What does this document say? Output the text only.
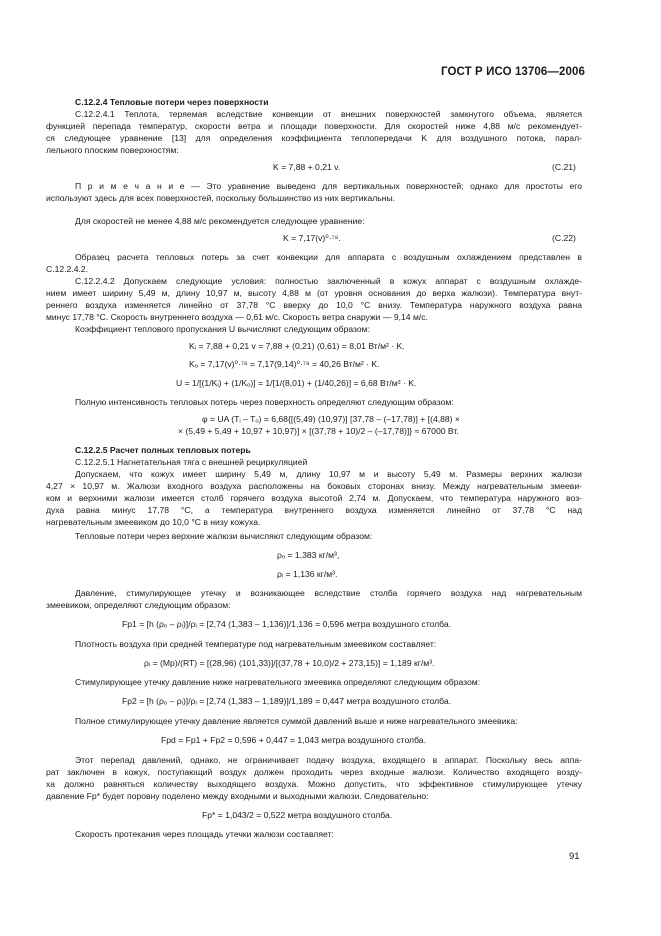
ГОСТ Р ИСО 13706—2006

C.12.2.4 Тепловые потери через поверхности

C.12.2.4.1 Теплота, теряемая вследствие конвекции от внешних поверхностей замкнутого объема, является

функцией перепада температур, скорости ветра и площади поверхности. Для скоростей ниже 4,88 м/с рекомендует-

ся следующее уравнение [13] для определения коэффициента теплопередачи K для воздушного потока, парал-

лельного плоским поверхностям:

K = 7,88 + 0,21 v.	(C.21)

П р и м е ч а н и е — Это уравнение выведено для вертикальных поверхностей; однако для простоты его

используют здесь для всех поверхностей, поскольку большинство из них вертикальны.

Для скоростей не менее 4,88 м/с рекомендуется следующее уравнение:

K = 7,17(v)⁰·⁷⁸.	(C.22)

Образец расчета тепловых потерь за счет конвекции для аппарата с воздушным охлаждением представлен в

C.12.2.4.2.

C.12.2.4.2 Допускаем следующие условия: полностью заключенный в кожух аппарат с воздушным охлажде-

нием имеет ширину 5,49 м, длину 10,97 м, высоту 4,88 м (от уровня основания до верха жалюзи). Температура внут-

реннего воздуха изменяется линейно от 37,78 °C вверху до 10,0 °C внизу. Температура наружного воздуха равна

минус 17,78 °C. Скорость внутреннего воздуха — 0,61 м/с. Скорость ветра снаружи — 9,14 м/с.

Коэффициент теплового пропускания U вычисляют следующим образом:

Kᵢ = 7,88 + 0,21 v = 7,88 + (0,21) (0,61) = 8,01 Вт/м² · K.

Kₒ = 7,17(v)⁰·⁷⁸ = 7,17(9,14)⁰·⁷⁸ = 40,26 Вт/м² · K.

U = 1/[(1/Kᵢ) + (1/Kₒ)] = 1/[1/(8,01) + (1/40,26)] = 6,68 Вт/м² · K.

Полную интенсивность тепловых потерь через поверхность определяют следующим образом:

φ = UA (Tᵢ – Tₒ) = 6,68{[(5,49) (10,97)] [37,78 – (–17,78)] + [(4,88) ×

× (5,49 + 5,49 + 10,97 + 10,97)] × [(37,78 + 10)/2 – (–17,78)]} ≈ 67000 Вт.

C.12.2.5 Расчет полных тепловых потерь

C.12.2.5.1 Нагнетательная тяга с внешней рециркуляцией

Допускаем, что кожух имеет ширину 5,49 м, длину 10,97 м и высоту 5,49 м. Размеры верхних жалюзи

4,27 × 10,97 м. Жалюзи входного воздуха расположены на боковых сторонах внизу. Между нагревательным змееви-

ком и верхними жалюзи имеется столб горячего воздуха высотой 2,74 м. Допускаем, что температура наружного воз-

духа равна минус 17,78 °C, а температура внутреннего воздуха изменяется линейно от 37,78 °C над

нагревательным змеевиком до 10,0 °C в низу кожуха.

Тепловые потери через верхние жалюзи вычисляют следующим образом:

ρₒ = 1,383 кг/м³,

ρᵢ = 1,136 кг/м³.

Давление, стимулирующее утечку и возникающее вследствие столба горячего воздуха над нагревательным

змеевиком, определяют следующим образом:

Fp1 = [h (ρₒ – ρᵢ)]/ρᵢ = [2,74 (1,383 – 1,136)]/1,136 = 0,596 метра воздушного столба.

Плотность воздуха при средней температуре под нагревательным змеевиком составляет:

ρᵢ = (Mp)/(RT) = [(28,96) (101,33)]/[(37,78 + 10,0)/2 + 273,15)] = 1,189 кг/м³.

Стимулирующее утечку давление ниже нагревательного змеевика определяют следующим образом:

Fp2 = [h (ρₒ – ρᵢ)]/ρᵢ = [2,74 (1,383 – 1,189)]/1,189 = 0,447 метра воздушного столба.

Полное стимулирующее утечку давление является суммой давлений выше и ниже нагревательного змеевика:

Fpd = Fp1 + Fp2 = 0,596 + 0,447 = 1,043 метра воздушного столба.

Этот перепад давлений, однако, не ограничивает подачу воздуха, входящего в аппарат. Поскольку весь аппа-

рат заключен в кожух, поступающий воздух должен проходить через входные жалюзи. Количество входящего возду-

ха должно равняться количеству выходящего воздуха. Можно допустить, что эффективное стимулирующее утечку

давление Fp* будет поровну поделено между входными и выходными жалюзи. Следовательно:

Fp* = 1,043/2 = 0,522 метра воздушного столба.

Скорость протекания через площадь утечки жалюзи составляет:

91
